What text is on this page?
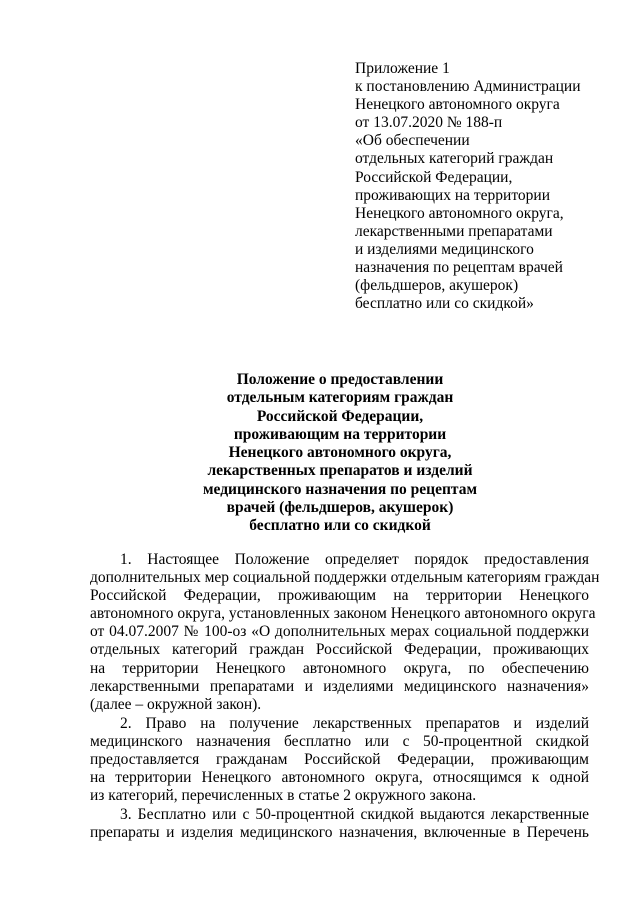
Приложение 1
к постановлению Администрации
Ненецкого автономного округа
от 13.07.2020 № 188-п
«Об обеспечении
отдельных категорий граждан
Российской Федерации,
проживающих на территории
Ненецкого автономного округа,
лекарственными препаратами
и изделиями медицинского
назначения по рецептам врачей
(фельдшеров, акушерок)
бесплатно или со скидкой»
Положение о предоставлении
отдельным категориям граждан
Российской Федерации,
проживающим на территории
Ненецкого автономного округа,
лекарственных препаратов и изделий
медицинского назначения по рецептам
врачей (фельдшеров, акушерок)
бесплатно или со скидкой
1. Настоящее Положение определяет порядок предоставления
дополнительных мер социальной поддержки отдельным категориям граждан
Российской Федерации, проживающим на территории Ненецкого
автономного округа, установленных законом Ненецкого автономного округа
от 04.07.2007 № 100-оз «О дополнительных мерах социальной поддержки
отдельных категорий граждан Российской Федерации, проживающих
на территории Ненецкого автономного округа, по обеспечению
лекарственными препаратами и изделиями медицинского назначения»
(далее – окружной закон).
2. Право на получение лекарственных препаратов и изделий
медицинского назначения бесплатно или с 50-процентной скидкой
предоставляется гражданам Российской Федерации, проживающим
на территории Ненецкого автономного округа, относящимся к одной
из категорий, перечисленных в статье 2 окружного закона.
3. Бесплатно или с 50-процентной скидкой выдаются лекарственные
препараты и изделия медицинского назначения, включенные в Перечень
